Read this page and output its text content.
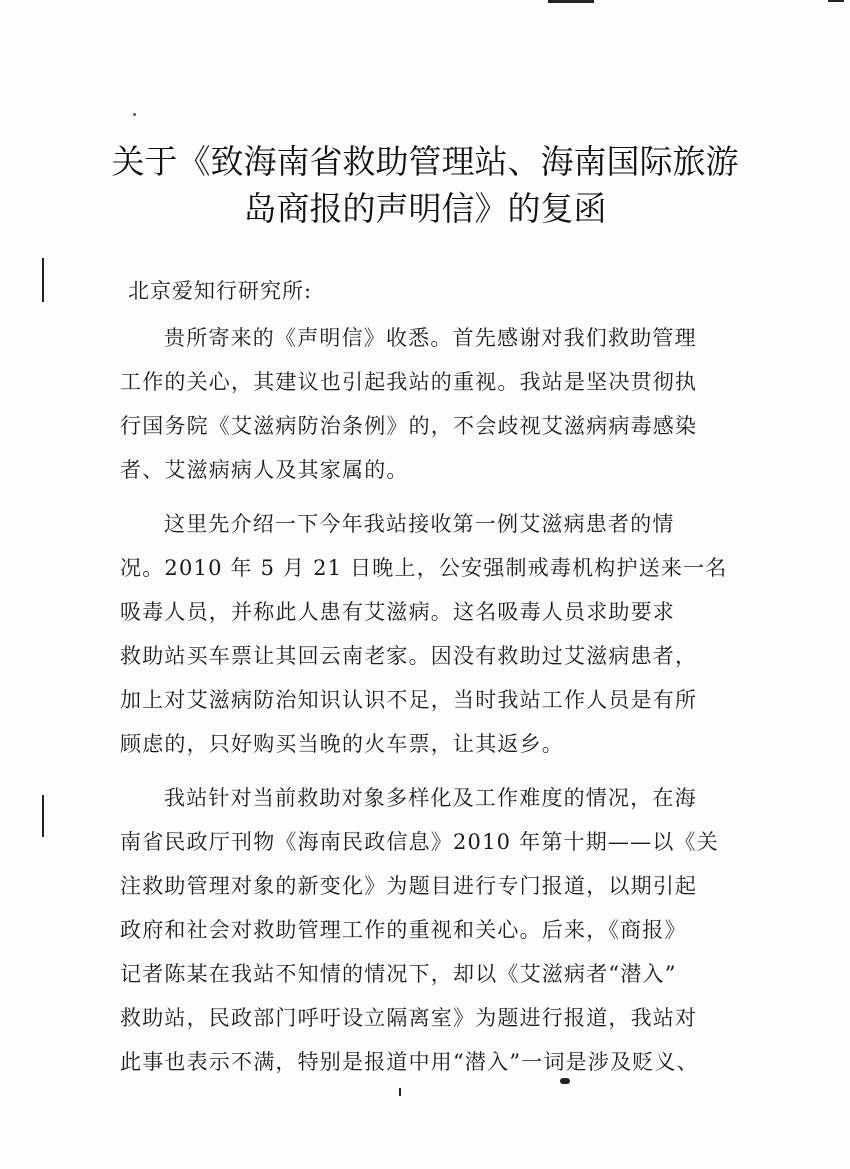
关于《致海南省救助管理站、海南国际旅游
岛商报的声明信》的复函
北京爱知行研究所:
贵所寄来的《声明信》收悉。首先感谢对我们救助管理
工作的关心，其建议也引起我站的重视。我站是坚决贯彻执
行国务院《艾滋病防治条例》的，不会歧视艾滋病病毒感染
者、艾滋病病人及其家属的。
这里先介绍一下今年我站接收第一例艾滋病患者的情
况。2010 年 5 月 21 日晚上，公安强制戒毒机构护送来一名
吸毒人员，并称此人患有艾滋病。这名吸毒人员求助要求
救助站买车票让其回云南老家。因没有救助过艾滋病患者，
加上对艾滋病防治知识认识不足，当时我站工作人员是有所
顾虑的，只好购买当晚的火车票，让其返乡。
我站针对当前救助对象多样化及工作难度的情况，在海
南省民政厅刊物《海南民政信息》2010 年第十期——以《关
注救助管理对象的新变化》为题目进行专门报道，以期引起
政府和社会对救助管理工作的重视和关心。后来，《商报》
记者陈某在我站不知情的情况下，却以《艾滋病者“潜入”
救助站，民政部门呼吁设立隔离室》为题进行报道，我站对
此事也表示不满，特别是报道中用“潜入”一词是涉及贬义、
